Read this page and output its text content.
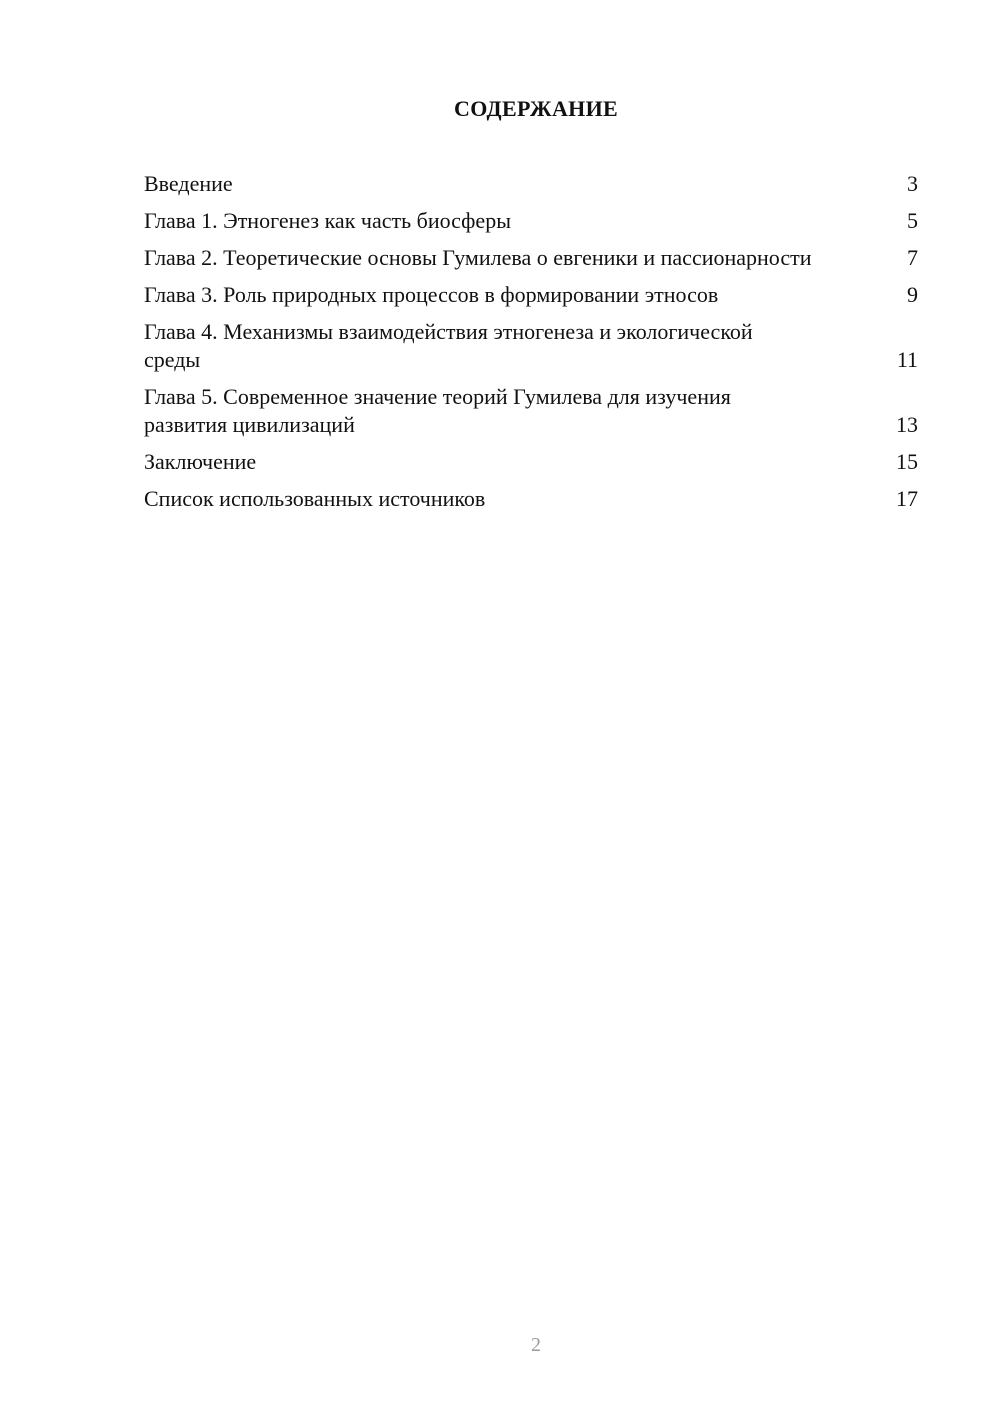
СОДЕРЖАНИЕ
Введение	3
Глава 1. Этногенез как часть биосферы	5
Глава 2. Теоретические основы Гумилева о евгеники и пассионарности	7
Глава 3. Роль природных процессов в формировании этносов	9
Глава 4. Механизмы взаимодействия этногенеза и экологической среды	11
Глава 5. Современное значение теорий Гумилева для изучения развития цивилизаций	13
Заключение	15
Список использованных источников	17
2
